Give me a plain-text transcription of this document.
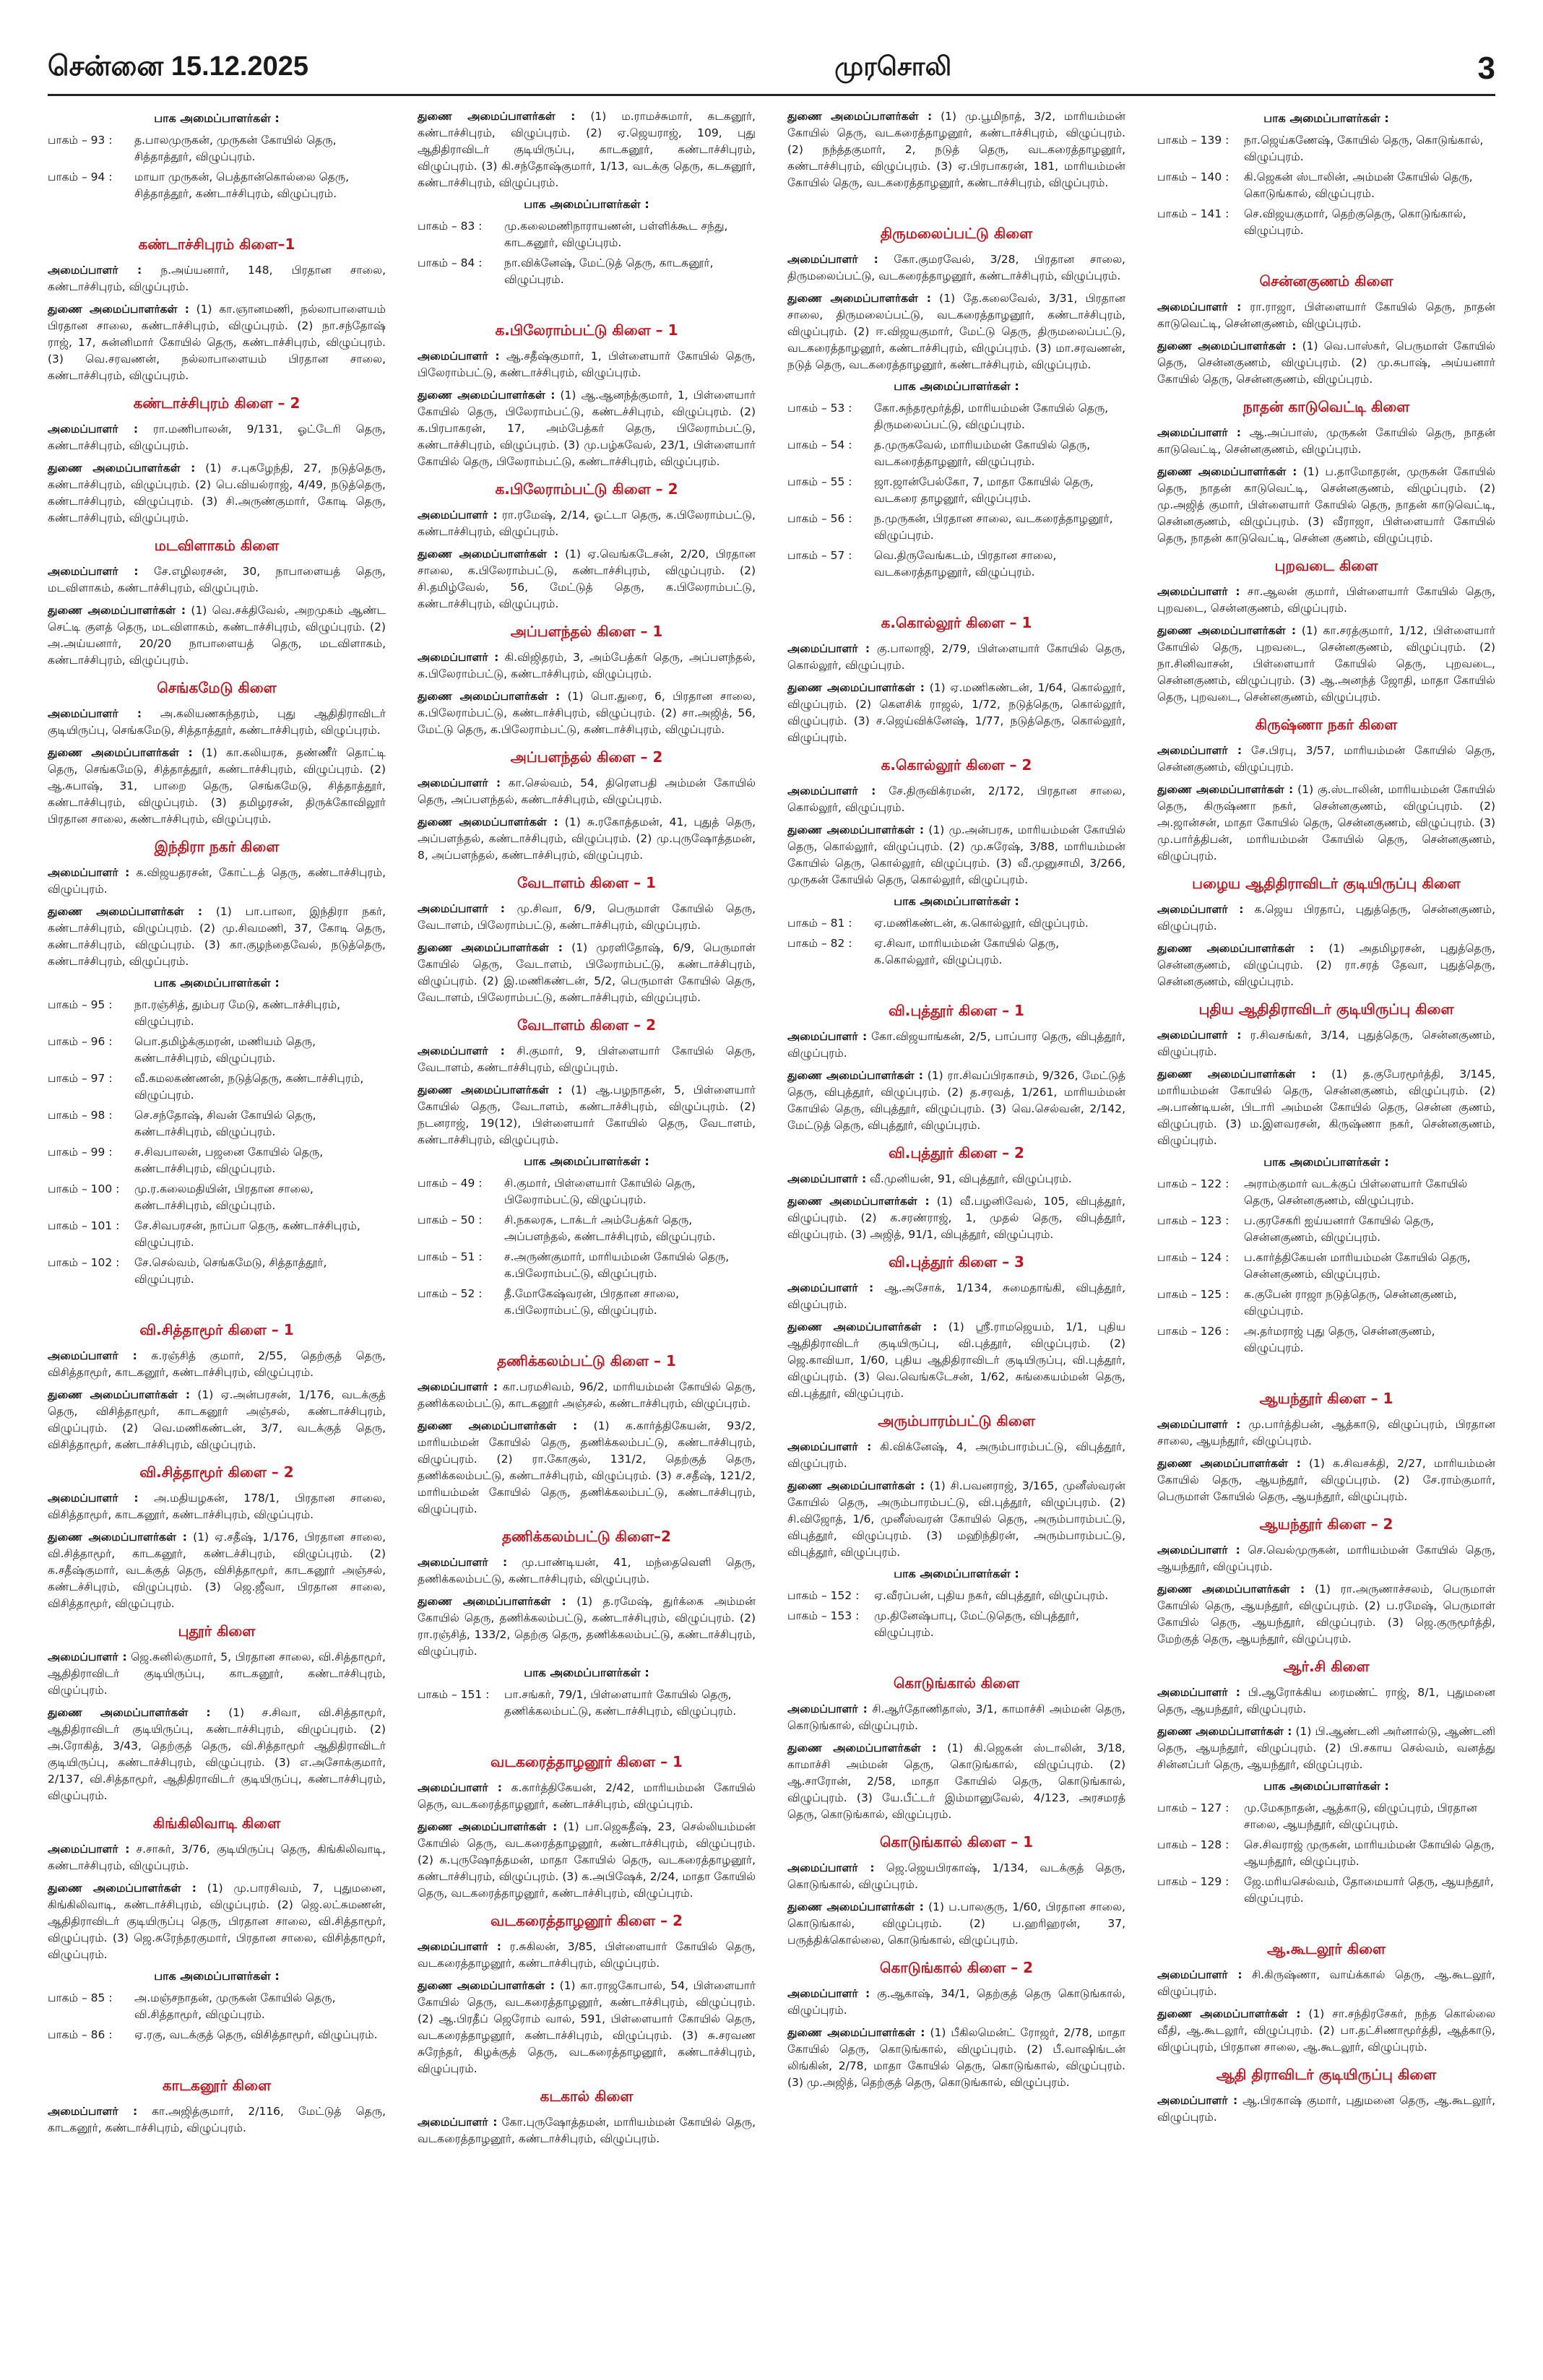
சென்னை 15.12.2025	முரசொலி	3
பாக அமைப்பாளர்கள் :
பாகம் – 93 :	த.பாலமுருகன், முருகன் கோயில் தெரு, சித்தாத்தூர், விழுப்புரம்.
பாகம் – 94 :	மாயா முருகன், பெத்தான்கொல்லை தெரு, சித்தாத்தூர், கண்டாச்சிபுரம், விழுப்புரம்.
கண்டாச்சிபுரம் கிளை–1

அமைப்பாளர் : ந.அய்யனார், 148, பிரதான சாலை, கண்டாச்சிபுரம், விழுப்புரம்.

துணை அமைப்பாளர்கள் : (1) கா.ஞானமணி, நல்லாபாளையம் பிரதான சாலை, கண்டாச்சிபுரம், விழுப்புரம். (2) நா.சந்தோஷ் ராஜ், 17, சுன்னிமார் கோயில் தெரு, கண்டாச்சிபுரம், விழுப்புரம். (3) வெ.சரவணன், நல்லாபாளையம் பிரதான சாலை, கண்டாச்சிபுரம், விழுப்புரம்.

கண்டாச்சிபுரம் கிளை – 2

அமைப்பாளர் : ரா.மணிபாலன், 9/131, ஓட்டேரி தெரு, கண்டாச்சிபுரம், விழுப்புரம்.

துணை அமைப்பாளர்கள் : (1) ச.புகழேந்தி, 27, நடுத்தெரு, கண்டாச்சிபுரம், விழுப்புரம். (2) பெ.வியல்ராஜ், 4/49, நடுத்தெரு, கண்டாச்சிபுரம், விழுப்புரம். (3) சி.அருண்குமார், கோடி தெரு, கண்டாச்சிபுரம், விழுப்புரம்.

மடவிளாகம் கிளை

அமைப்பாளர் : சே.எழிலரசன், 30, நாபாளையத் தெரு, மடவிளாகம், கண்டாச்சிபுரம், விழுப்புரம்.

துணை அமைப்பாளர்கள் : (1) வெ.சக்திவேல், அறமுகம் ஆண்ட செட்டி குளத் தெரு, மடவிளாகம், கண்டாச்சிபுரம், விழுப்புரம். (2) அ.அய்யனார், 20/20 நாபாளையத் தெரு, மடவிளாகம், கண்டாச்சிபுரம், விழுப்புரம்.

செங்கமேடு கிளை

அமைப்பாளர் : அ.கலியணசுந்தரம், புது ஆதிதிராவிடர் குடியிருப்பு, செங்கமேடு, சித்தாத்தூர், கண்டாச்சிபுரம், விழுப்புரம்.

துணை அமைப்பாளர்கள் : (1) கா.கலியரசு, தண்ணீர் தொட்டி தெரு, செங்கமேடு, சித்தாத்தூர், கண்டாச்சிபுரம், விழுப்புரம். (2) ஆ.சுபாஷ், 31, பாறை தெரு, செங்கமேடு, சித்தாத்தூர், கண்டாச்சிபுரம், விழுப்புரம். (3) தமிழரசன், திருக்கோவிலூர் பிரதான சாலை, கண்டாச்சிபுரம், விழுப்புரம்.

இந்திரா நகர் கிளை

அமைப்பாளர் : க.விஜயதரசன், கோட்டத் தெரு, கண்டாச்சிபுரம், விழுப்புரம்.

துணை அமைப்பாளர்கள் : (1) பா.பாலா, இந்திரா நகர், கண்டாச்சிபுரம், விழுப்புரம். (2) மு.சிவமணி, 37, கோடி தெரு, கண்டாச்சிபுரம், விழுப்புரம். (3) கா.குழந்தைவேல், நடுத்தெரு, கண்டாச்சிபுரம், விழுப்புரம்.

பாக அமைப்பாளர்கள் :
பாகம் – 95 :	நா.ரஞ்சித், தும்பர மேடு, கண்டாச்சிபுரம், விழுப்புரம்.
பாகம் – 96 :	பொ.தமிழ்க்குமரன், மணியம் தெரு, கண்டாச்சிபுரம், விழுப்புரம்.
பாகம் – 97 :	வீ.கமலகண்ணன், நடுத்தெரு, கண்டாச்சிபுரம், விழுப்புரம்.
பாகம் – 98 :	செ.சந்தோஷ், சிவன் கோயில் தெரு, கண்டாச்சிபுரம், விழுப்புரம்.
பாகம் – 99 :	ச.சிவபாலன், பஜனை கோயில் தெரு, கண்டாச்சிபுரம், விழுப்புரம்.
பாகம் – 100 :	மு.ர.கலைமதியின், பிரதான சாலை, கண்டாச்சிபுரம், விழுப்புரம்.
பாகம் – 101 :	சே.சிவபரசன், நாப்பா தெரு, கண்டாச்சிபுரம், விழுப்புரம்.
பாகம் – 102 :	சே.செல்வம், செங்கமேடு, சித்தாத்தூர், விழுப்புரம்.
வி.சித்தாமூர் கிளை – 1

அமைப்பாளர் : க.ரஞ்சித் குமார், 2/55, தெற்குத் தெரு, விசித்தாமூர், காடகனூர், கண்டாச்சிபுரம், விழுப்புரம்.

துணை அமைப்பாளர்கள் : (1) ஏ.அன்பரசன், 1/176, வடக்குத் தெரு, விசித்தாமூர், காடகனூர் அஞ்சல், கண்டாச்சிபுரம், விழுப்புரம். (2) வெ.மணிகண்டன், 3/7, வடக்குத் தெரு, விசித்தாமூர், கண்டாச்சிபுரம், விழுப்புரம்.

வி.சித்தாமூர் கிளை – 2

அமைப்பாளர் : அ.மதியழகன், 178/1, பிரதான சாலை, விசித்தாமூர், காடகனூர், கண்டாச்சிபுரம், விழுப்புரம்.

துணை அமைப்பாளர்கள் : (1) ஏ.சதீஷ், 1/176, பிரதான சாலை, வி.சித்தாமூர், காடகனூர், கண்டச்சிபுரம், விழுப்புரம். (2) க.சதீஷ்குமார், வடக்குத் தெரு, விசித்தாமூர், காடகனூர் அஞ்சல், கண்டச்சிபுரம், விழுப்புரம். (3) ஜெ.ஜீவா, பிரதான சாலை, விசித்தாமூர், விழுப்புரம்.

புதூர் கிளை

அமைப்பாளர் : ஜெ.சுனில்குமார், 5, பிரதான சாலை, வி.சித்தாமூர், ஆதிதிராவிடர் குடியிருப்பு, காடகனூர், கண்டாச்சிபுரம், விழுப்புரம்.

துணை அமைப்பாளர்கள் : (1) ச.சிவா, வி.சித்தாமூர், ஆதிதிராவிடர் குடியிருப்பு, கண்டாச்சிபுரம், விழுப்புரம். (2) அ.ரோகித், 3/43, தெற்குத் தெரு, வி.சித்தாமூர் ஆதிதிராவிடர் குடியிருப்பு, கண்டாச்சிபுரம், விழுப்புரம். (3) எ.அசோக்குமார், 2/137, வி.சித்தாமூர், ஆதிதிராவிடர் குடியிருப்பு, கண்டாச்சிபுரம், விழுப்புரம்.

கிங்கிலிவாடி கிளை

அமைப்பாளர் : ச.சாசுர், 3/76, குடியிருப்பு தெரு, கிங்கிலிவாடி, கண்டாச்சிபுரம், விழுப்புரம்.

துணை அமைப்பாளர்கள் : (1) மு.பாரசிவம், 7, புதுமனை, கிங்கிலிவாடி, கண்டாச்சிபுரம், விழுப்புரம். (2) ஜெ.லட்சுமணன், ஆதிதிராவிடர் குடியிருப்பு தெரு, பிரதான சாலை, வி.சித்தாமூர், விழுப்புரம். (3) ஜெ.சுரேந்தரகுமார், பிரதான சாலை, விசித்தாமூர், விழுப்புரம்.

பாக அமைப்பாளர்கள் :
பாகம் – 85 :	அ.மஞ்சநாதன், முருகன் கோயில் தெரு, வி.சித்தாமூர், விழுப்புரம்.
பாகம் – 86 :	ஏ.ரகு, வடக்குத் தெரு, விசித்தாமூர், விழுப்புரம்.
காடகனூர் கிளை

அமைப்பாளர் : கா.அஜித்குமார், 2/116, மேட்டுத் தெரு, காடகனூர், கண்டாச்சிபுரம், விழுப்புரம்.

துணை அமைப்பாளர்கள் : (1) ம.ராமச்சுமார், கடகனூர், கண்டாச்சிபுரம், விழுப்புரம். (2) ஏ.ஜெயராஜ், 109, புது ஆதிதிராவிடர் குடியிருப்பு, காடகனூர், கண்டாச்சிபுரம், விழுப்புரம். (3) கி.சந்தோஷ்குமார், 1/13, வடக்கு தெரு, கடகனூர், கண்டாச்சிபுரம், விழுப்புரம்.

பாக அமைப்பாளர்கள் :
பாகம் – 83 :	மு.கலைமணிநாராயணன், பள்ளிக்கூட சந்து, காடகனூர், விழுப்புரம்.
பாகம் – 84 :	நா.விக்னேஷ், மேட்டுத் தெரு, காடகனூர், விழுப்புரம்.
க.பிலேராம்பட்டு கிளை – 1

அமைப்பாளர் : ஆ.சதீஷ்குமார், 1, பிள்ளையார் கோயில் தெரு, பிலேராம்பட்டு, கண்டாச்சிபுரம், விழுப்புரம்.

துணை அமைப்பாளர்கள் : (1) ஆ.ஆனந்த்குமார், 1, பிள்ளையார் கோயில் தெரு, பிலேராம்பட்டு, கண்டச்சிபுரம், விழுப்புரம். (2) க.பிரபாகரன், 17, அம்பேத்கர் தெரு, பிலேராம்பட்டு, கண்டாச்சிபுரம், விழுப்புரம். (3) மு.பழ்கவேல், 23/1, பிள்ளையார் கோயில் தெரு, பிலேராம்பட்டு, கண்டாச்சிபுரம், விழுப்புரம்.

க.பிலேராம்பட்டு கிளை – 2

அமைப்பாளர் : ரா.ரமேஷ், 2/14, ஓட்டா தெரு, க.பிலேராம்பட்டு, கண்டாச்சிபுரம், விழுப்புரம்.

துணை அமைப்பாளர்கள் : (1) ஏ.வெங்கடேசன், 2/20, பிரதான சாலை, க.பிலேராம்பட்டு, கண்டாச்சிபுரம், விழுப்புரம். (2) சி.தமிழ்வேல், 56, மேட்டுத் தெரு, க.பிலேராம்பட்டு, கண்டாச்சிபுரம், விழுப்புரம்.

அப்பளந்தல் கிளை – 1

அமைப்பாளர் : கி.விஜிதரம், 3, அம்பேத்கர் தெரு, அப்பளந்தல், க.பிலேராம்பட்டு, கண்டாச்சிபுரம், விழுப்புரம்.

துணை அமைப்பாளர்கள் : (1) பொ.துரை, 6, பிரதான சாலை, க.பிலேராம்பட்டு, கண்டாச்சிபுரம், விழுப்புரம். (2) சா.அஜித், 56, மேட்டு தெரு, க.பிலேராம்பட்டு, கண்டாச்சிபுரம், விழுப்புரம்.

அப்பளந்தல் கிளை – 2

அமைப்பாளர் : கா.செல்வம், 54, திரௌபதி அம்மன் கோயில் தெரு, அப்பளந்தல், கண்டாச்சிபுரம், விழுப்புரம்.

துணை அமைப்பாளர்கள் : (1) சு.ரகோத்தமன், 41, புதுத் தெரு, அப்பளந்தல், கண்டாச்சிபுரம், விழுப்புரம். (2) மு.புருஷோத்தமன், 8, அப்பளந்தல், கண்டாச்சிபுரம், விழுப்புரம்.

வேடாளம் கிளை – 1

அமைப்பாளர் : மு.சிவா, 6/9, பெருமாள் கோயில் தெரு, வேடாளம், பிலேராம்பட்டு, கண்டாச்சிபுரம், விழுப்புரம்.

துணை அமைப்பாளர்கள் : (1) முரளிதோஷ், 6/9, பெருமாள் கோயில் தெரு, வேடாளம், பிலேராம்பட்டு, கண்டாச்சிபுரம், விழுப்புரம். (2) இ.மணிகண்டன், 5/2, பெருமாள் கோயில் தெரு, வேடாளம், பிலேராம்பட்டு, கண்டாச்சிபுரம், விழுப்புரம்.

வேடாளம் கிளை – 2

அமைப்பாளர் : சி.குமார், 9, பிள்ளையார் கோயில் தெரு, வேடாளம், கண்டாச்சிபுரம், விழுப்புரம்.

துணை அமைப்பாளர்கள் : (1) ஆ.பழநாதன், 5, பிள்ளையார் கோயில் தெரு, வேடாளம், கண்டாச்சிபுரம், விழுப்புரம். (2) நடனராஜ், 19(12), பிள்ளையார் கோயில் தெரு, வேடாளம், கண்டாச்சிபுரம், விழுப்புரம்.

பாக அமைப்பாளர்கள் :
பாகம் – 49 :	சி.குமார், பிள்ளையார் கோயில் தெரு, பிலேராம்பட்டு, விழுப்புரம்.
பாகம் – 50 :	சி.நகலரசு, டாக்டர் அம்பேத்கர் தெரு, அப்பளந்தல், கண்டாச்சிபுரம், விழுப்புரம்.
பாகம் – 51 :	ச.அருண்குமார், மாரியம்மன் கோயில் தெரு, க.பிலேராம்பட்டு, விழுப்புரம்.
பாகம் – 52 :	தீ.மோகேஷ்வரன், பிரதான சாலை, க.பிலேராம்பட்டு, விழுப்புரம்.
தணிக்கலம்பட்டு கிளை – 1

அமைப்பாளர் : கா.பரமசிவம், 96/2, மாரியம்மன் கோயில் தெரு, தணிக்கலம்பட்டு, காடகனூர் அஞ்சல், கண்டாச்சிபுரம், விழுப்புரம்.

துணை அமைப்பாளர்கள் : (1) க.கார்த்திகேயன், 93/2, மாரியம்மன் கோயில் தெரு, தணிக்கலம்பட்டு, கண்டாச்சிபுரம், விழுப்புரம். (2) ரா.கோகுல், 131/2, தெற்குத் தெரு, தணிக்கலம்பட்டு, கண்டாச்சிபுரம், விழுப்புரம். (3) ச.சதீஷ், 121/2, மாரியம்மன் கோயில் தெரு, தணிக்கலம்பட்டு, கண்டாச்சிபுரம், விழுப்புரம்.

தணிக்கலம்பட்டு கிளை–2

அமைப்பாளர் : மு.பாண்டியன், 41, மந்தைவெளி தெரு, தணிக்கலம்பட்டு, கண்டாச்சிபுரம், விழுப்புரம்.

துணை அமைப்பாளர்கள் : (1) த.ரமேஷ், துர்க்கை அம்மன் கோயில் தெரு, தணிக்கலம்பட்டு, கண்டாச்சிபுரம், விழுப்புரம். (2) ரா.ரஞ்சித், 133/2, தெற்கு தெரு, தணிக்கலம்பட்டு, கண்டாச்சிபுரம், விழுப்புரம்.

பாக அமைப்பாளர்கள் :
பாகம் – 151 :	பா.சங்கர், 79/1, பிள்ளையார் கோயில் தெரு, தணிக்கலம்பட்டு, கண்டாச்சிபுரம், விழுப்புரம்.
வடகரைத்தாழனூர் கிளை – 1

அமைப்பாளர் : க.கார்த்திகேயன், 2/42, மாரியம்மன் கோயில் தெரு, வடகரைத்தாழனூர், கண்டாச்சிபுரம், விழுப்புரம்.

துணை அமைப்பாளர்கள் : (1) பா.ஜெகதீஷ், 23, செல்லியம்மன் கோயில் தெரு, வடகரைத்தாழனூர், கண்டாச்சிபுரம், விழுப்புரம். (2) க.புருஷோத்தமன், மாதா கோயில் தெரு, வடகரைத்தாழனூர், கண்டாச்சிபுரம், விழுப்புரம். (3) க.அபிஷேக், 2/24, மாதா கோயில் தெரு, வடகரைத்தாழனூர், கண்டாச்சிபுரம், விழுப்புரம்.

வடகரைத்தாழனூர் கிளை – 2

அமைப்பாளர் : ர.சுகிலன், 3/85, பிள்ளையார் கோயில் தெரு, வடகரைத்தாழனூர், கண்டாச்சிபுரம், விழுப்புரம்.

துணை அமைப்பாளர்கள் : (1) கா.ராஜகோபால், 54, பிள்ளையார் கோயில் தெரு, வடகரைத்தாழனூர், கண்டாச்சிபுரம், விழுப்புரம். (2) ஆ.பிரதீப் ஜெரோம் வால், 591, பிள்ளையார் கோயில் தெரு, வடகரைத்தாழனூர், கண்டாச்சிபுரம், விழுப்புரம். (3) சு.சரவண சுரேந்தர், கிழக்குத் தெரு, வடகரைத்தாழனூர், கண்டாச்சிபுரம், விழுப்புரம்.

கடகால் கிளை

அமைப்பாளர் : கோ.புருஷோத்தமன், மாரியம்மன் கோயில் தெரு, வடகரைத்தாழனூர், கண்டாச்சிபுரம், விழுப்புரம்.

துணை அமைப்பாளர்கள் : (1) மு.பூமிநாத், 3/2, மாரியம்மன் கோயில் தெரு, வடகரைத்தாழனூர், கண்டாச்சிபுரம், விழுப்புரம். (2) நந்த்தகுமார், 2, நடுத் தெரு, வடகரைத்தாழனூர், கண்டாச்சிபுரம், விழுப்புரம். (3) ஏ.பிரபாகரன், 181, மாரியம்மன் கோயில் தெரு, வடகரைத்தாழனூர், கண்டாச்சிபுரம், விழுப்புரம்.

திருமலைப்பட்டு கிளை

அமைப்பாளர் : கோ.குமரவேல், 3/28, பிரதான சாலை, திருமலைப்பட்டு, வடகரைத்தாழனூர், கண்டாச்சிபுரம், விழுப்புரம்.

துணை அமைப்பாளர்கள் : (1) தே.கலைவேல், 3/31, பிரதான சாலை, திருமலைப்பட்டு, வடகரைத்தாழனூர், கண்டாச்சிபுரம், விழுப்புரம். (2) ஈ.விஜயகுமார், மேட்டு தெரு, திருமலைப்பட்டு, வடகரைத்தாழனூர், கண்டாச்சிபுரம், விழுப்புரம். (3) மா.சரவணன், நடுத் தெரு, வடகரைத்தாழனூர், கண்டாச்சிபுரம், விழுப்புரம்.

பாக அமைப்பாளர்கள் :
பாகம் – 53 :	கோ.சுந்தரமூர்த்தி, மாரியம்மன் கோயில் தெரு, திருமலைப்பட்டு, விழுப்புரம்.
பாகம் – 54 :	த.முருகவேல், மாரியம்மன் கோயில் தெரு, வடகரைத்தாழனூர், விழுப்புரம்.
பாகம் – 55 :	ஜா.ஜான்பேல்கோ, 7, மாதா கோயில் தெரு, வடகரை தாழனூர், விழுப்புரம்.
பாகம் – 56 :	ந.முருகன், பிரதான சாலை, வடகரைத்தாழனூர், விழுப்புரம்.
பாகம் – 57 :	வெ.திருவேங்கடம், பிரதான சாலை, வடகரைத்தாழனூர், விழுப்புரம்.
க.கொல்லூர் கிளை – 1

அமைப்பாளர் : கு.பாலாஜி, 2/79, பிள்ளையார் கோயில் தெரு, கொல்லூர், விழுப்புரம்.

துணை அமைப்பாளர்கள் : (1) ஏ.மணிகண்டன், 1/64, கொல்லூர், விழுப்புரம். (2) கௌசிக் ராஜல், 1/72, நடுத்தெரு, கொல்லூர், விழுப்புரம். (3) ச.ஜெய்விக்னேஷ், 1/77, நடுத்தெரு, கொல்லூர், விழுப்புரம்.

க.கொல்லூர் கிளை – 2

அமைப்பாளர் : சே.திருவிக்ரமன், 2/172, பிரதான சாலை, கொல்லூர், விழுப்புரம்.

துணை அமைப்பாளர்கள் : (1) மு.அன்பரசு, மாரியம்மன் கோயில் தெரு, கொல்லூர், விழுப்புரம். (2) மு.சுரேஷ், 3/88, மாரியம்மன் கோயில் தெரு, கொல்லூர், விழுப்புரம். (3) வீ.முனுசாமி, 3/266, முருகன் கோயில் தெரு, கொல்லூர், விழுப்புரம்.

பாக அமைப்பாளர்கள் :
பாகம் – 81 :	ஏ.மணிகண்டன், க.கொல்லூர், விழுப்புரம்.
பாகம் – 82 :	ஏ.சிவா, மாரியம்மன் கோயில் தெரு, க.கொல்லூர், விழுப்புரம்.
வி.புத்தூர் கிளை – 1

அமைப்பாளர் : கோ.விஜயாங்கன், 2/5, பாப்பார தெரு, விபுத்தூர், விழுப்புரம்.

துணை அமைப்பாளர்கள் : (1) ரா.சிவப்பிரகாசம், 9/326, மேட்டுத் தெரு, விபுத்தூர், விழுப்புரம். (2) த.சரவத், 1/261, மாரியம்மன் கோயில் தெரு, விபுத்தூர், விழுப்புரம். (3) வெ.செல்வன், 2/142, மேட்டுத் தெரு, விபுத்தூர், விழுப்புரம்.

வி.புத்தூர் கிளை – 2

அமைப்பாளர் : வீ.முனியன், 91, விபுத்தூர், விழுப்புரம்.

துணை அமைப்பாளர்கள் : (1) வீ.பழனிவேல், 105, விபுத்தூர், விழுப்புரம். (2) க.சரண்ராஜ், 1, முதல் தெரு, விபுத்தூர், விழுப்புரம். (3) அஜித், 91/1, விபுத்தூர், விழுப்புரம்.

வி.புத்தூர் கிளை – 3

அமைப்பாளர் : ஆ.அசோக், 1/134, சுமைதாங்கி, விபுத்தூர், விழுப்புரம்.

துணை அமைப்பாளர்கள் : (1) ஸ்ரீ.ராமஜெயம், 1/1, புதிய ஆதிதிராவிடர் குடியிருப்பு, வி.புத்தூர், விழுப்புரம். (2) ஜெ.காவியா, 1/60, புதிய ஆதிதிராவிடர் குடியிருப்பு, வி.புத்தூர், விழுப்புரம். (3) வெ.வெங்கடேசன், 1/62, சுங்கையம்மன் தெரு, வி.புத்தூர், விழுப்புரம்.

அரும்பாரம்பட்டு கிளை

அமைப்பாளர் : கி.விக்னேஷ், 4, அரும்பாரம்பட்டு, விபுத்தூர், விழுப்புரம்.

துணை அமைப்பாளர்கள் : (1) சி.பவனராஜ், 3/165, முனீஸ்வரன் கோயில் தெரு, அரும்பாரம்பட்டு, வி.புத்தூர், விழுப்புரம். (2) சி.விஜோத், 1/6, முனீஸ்வரன் கோயில் தெரு, அரும்பாரம்பட்டு, விபுத்தூர், விழுப்புரம். (3) மஹிந்திரன், அரும்பாரம்பட்டு, விபுத்தூர், விழுப்புரம்.

பாக அமைப்பாளர்கள் :
பாகம் – 152 :	ஏ.வீரப்பன், புதிய நகர், விபுத்தூர், விழுப்புரம்.
பாகம் – 153 :	மு.தினேஷ்பாபு, மேட்டுதெரு, விபுத்தூர், விழுப்புரம்.
கொடுங்கால் கிளை

அமைப்பாளர் : சி.ஆர்தோணிதாஸ், 3/1, காமாச்சி அம்மன் தெரு, கொடுங்கால், விழுப்புரம்.

துணை அமைப்பாளர்கள் : (1) கி.ஜெகன் ஸ்டாலின், 3/18, காமாச்சி அம்மன் தெரு, கொடுங்கால், விழுப்புரம். (2) ஆ.சாரோன், 2/58, மாதா கோயில் தெரு, கொடுங்கால், விழுப்புரம். (3) யே.பீட்டர் இம்மானுவேல், 4/123, அரசமரத் தெரு, கொடுங்கால், விழுப்புரம்.

கொடுங்கால் கிளை – 1

அமைப்பாளர் : ஜெ.ஜெயபிரகாஷ், 1/134, வடக்குத் தெரு, கொடுங்கால், விழுப்புரம்.

துணை அமைப்பாளர்கள் : (1) ப.பாலகுரு, 1/60, பிரதான சாலை, கொடுங்கால், விழுப்புரம். (2) ப.ஹரிஹரன், 37, பருத்திக்கொல்லை, கொடுங்கால், விழுப்புரம்.

கொடுங்கால் கிளை – 2

அமைப்பாளர் : கு.ஆகாஷ், 34/1, தெற்குத் தெரு கொடுங்கால், விழுப்புரம்.

துணை அமைப்பாளர்கள் : (1) பீகிலமென்ட் ரோஜர், 2/78, மாதா கோயில் தெரு, கொடுங்கால், விழுப்புரம். (2) பீ.வாஷிங்டன் லிங்கின், 2/78, மாதா கோயில் தெரு, கொடுங்கால், விழுப்புரம். (3) மு.அஜித், தெற்குத் தெரு, கொடுங்கால், விழுப்புரம்.

பாக அமைப்பாளர்கள் :
பாகம் – 139 :	நா.ஜெய்கணேஷ், கோயில் தெரு, கொடுங்கால், விழுப்புரம்.
பாகம் – 140 :	கி.ஜெகன் ஸ்டாலின், அம்மன் கோயில் தெரு, கொடுங்கால், விழுப்புரம்.
பாகம் – 141 :	செ.விஜயகுமார், தெற்குதெரு, கொடுங்கால், விழுப்புரம்.
சென்னகுணம் கிளை

அமைப்பாளர் : ரா.ராஜா, பிள்ளையார் கோயில் தெரு, நாதன் காடுவெட்டி, சென்னகுணம், விழுப்புரம்.

துணை அமைப்பாளர்கள் : (1) வெ.பாஸ்கர், பெருமாள் கோயில் தெரு, சென்னகுணம், விழுப்புரம். (2) மு.சுபாஷ், அய்யனார் கோயில் தெரு, சென்னகுணம், விழுப்புரம்.

நாதன் காடுவெட்டி கிளை

அமைப்பாளர் : ஆ.அப்பாஸ், முருகன் கோயில் தெரு, நாதன் காடுவெட்டி, சென்னகுணம், விழுப்புரம்.

துணை அமைப்பாளர்கள் : (1) ப.தாமோதரன், முருகன் கோயில் தெரு, நாதன் காடுவெட்டி, சென்னகுணம், விழுப்புரம். (2) மு.அஜித் குமார், பிள்ளையார் கோயில் தெரு, நாதன் காடுவெட்டி, சென்னகுணம், விழுப்புரம். (3) வீராஜா, பிள்ளையார் கோயில் தெரு, நாதன் காடுவெட்டி, சென்ன குணம், விழுப்புரம்.

புறவடை கிளை

அமைப்பாளர் : சா.ஆலன் குமார், பிள்ளையார் கோயில் தெரு, புறவடை, சென்னகுணம், விழுப்புரம்.

துணை அமைப்பாளர்கள் : (1) கா.சரத்குமார், 1/12, பிள்ளையார் கோயில் தெரு, புறவடை, சென்னகுணம், விழுப்புரம். (2) நா.சினிவாசன், பிள்ளையார் கோயில் தெரு, புறவடை, சென்னகுணம், விழுப்புரம். (3) ஆ.அனந்த் ஜோதி, மாதா கோயில் தெரு, புறவடை, சென்னகுணம், விழுப்புரம்.

கிருஷ்ணா நகர் கிளை

அமைப்பாளர் : சே.பிரபு, 3/57, மாரியம்மன் கோயில் தெரு, சென்னகுணம், விழுப்புரம்.

துணை அமைப்பாளர்கள் : (1) கு.ஸ்டாலின், மாரியம்மன் கோயில் தெரு, கிருஷ்ணா நகர், சென்னகுணம், விழுப்புரம். (2) அ.ஜான்சன், மாதா கோயில் தெரு, சென்னகுணம், விழுப்புரம். (3) மு.பார்த்திபன், மாரியம்மன் கோயில் தெரு, சென்னகுணம், விழுப்புரம்.

பழைய ஆதிதிராவிடர் குடியிருப்பு கிளை

அமைப்பாளர் : க.ஜெய பிரதாப், புதுத்தெரு, சென்னகுணம், விழுப்புரம்.

துணை அமைப்பாளர்கள் : (1) அதமிழரசன், புதுத்தெரு, சென்னகுணம், விழுப்புரம். (2) ரா.சரத் தேவா, புதுத்தெரு, சென்னகுணம், விழுப்புரம்.

புதிய ஆதிதிராவிடர் குடியிருப்பு கிளை

அமைப்பாளர் : ர.சிவசங்கர், 3/14, புதுத்தெரு, சென்னகுணம், விழுப்புரம்.

துணை அமைப்பாளர்கள் : (1) த.குபேரமூர்த்தி, 3/145, மாரியம்மன் கோயில் தெரு, சென்னகுணம், விழுப்புரம். (2) அ.பாண்டியன், பிடாரி அம்மன் கோயில் தெரு, சென்ன குணம், விழுப்புரம். (3) ம.இளவரசன், கிருஷ்ணா நகர், சென்னகுணம், விழுப்புரம்.

பாக அமைப்பாளர்கள் :
பாகம் – 122 :	அராம்குமார் வடக்குப் பிள்ளையார் கோயில் தெரு, சென்னகுணம், விழுப்புரம்.
பாகம் – 123 :	ப.குரசேகரி ஐய்யனார் கோயில் தெரு, சென்னகுணம், விழுப்புரம்.
பாகம் – 124 :	ப.கார்த்திகேயன் மாரியம்மன் கோயில் தெரு, சென்னகுணம், விழுப்புரம்.
பாகம் – 125 :	க.குபேன் ராஜா நடுத்தெரு, சென்னகுணம், விழுப்புரம்.
பாகம் – 126 :	அ.தர்மராஜ் புது தெரு, சென்னகுணம், விழுப்புரம்.
ஆயந்தூர் கிளை – 1

அமைப்பாளர் : மு.பார்த்திபன், ஆத்காடு, விழுப்புரம், பிரதான சாலை, ஆயந்தூர், விழுப்புரம்.

துணை அமைப்பாளர்கள் : (1) க.சிவசக்தி, 2/27, மாரியம்மன் கோயில் தெரு, ஆயந்தூர், விழுப்புரம். (2) சே.ராம்குமார், பெருமாள் கோயில் தெரு, ஆயந்தூர், விழுப்புரம்.

ஆயந்தூர் கிளை – 2

அமைப்பாளர் : செ.வெல்முருகன், மாரியம்மன் கோயில் தெரு, ஆயந்தூர், விழுப்புரம்.

துணை அமைப்பாளர்கள் : (1) ரா.அருணாச்சலம், பெருமாள் கோயில் தெரு, ஆயந்தூர், விழுப்புரம். (2) ப.ரமேஷ், பெருமாள் கோயில் தெரு, ஆயந்தூர், விழுப்புரம். (3) ஜெ.குருமூர்த்தி, மேற்குத் தெரு, ஆயந்தூர், விழுப்புரம்.

ஆர்.சி கிளை

அமைப்பாளர் : பி.ஆரோக்கிய ரைமண்ட் ராஜ், 8/1, புதுமனை தெரு, ஆயந்தூர், விழுப்புரம்.

துணை அமைப்பாளர்கள் : (1) பி.ஆண்டனி அர்னால்டு, ஆண்டனி தெரு, ஆயந்தூர், விழுப்புரம். (2) பி.சகாய செல்வம், வனத்து சின்னப்பர் தெரு, ஆயந்தூர், விழுப்புரம்.

பாக அமைப்பாளர்கள் :
பாகம் – 127 :	மு.மேகநாதன், ஆத்காடு, விழுப்புரம், பிரதான சாலை, ஆயந்தூர், விழுப்புரம்.
பாகம் – 128 :	செ.சிவராஜ் முருகன், மாரியம்மன் கோயில் தெரு, ஆயந்தூர், விழுப்புரம்.
பாகம் – 129 :	ஜே.மரியசெல்வம், தோமையார் தெரு, ஆயந்தூர், விழுப்புரம்.
ஆ.கூடலூர் கிளை

அமைப்பாளர் : சி.கிருஷ்ணா, வாய்க்கால் தெரு, ஆ.கூடலூர், விழுப்புரம்.

துணை அமைப்பாளர்கள் : (1) சா.சந்திரசேகர், நந்த கொல்லை வீதி, ஆ.கூடலூர், விழுப்புரம். (2) பா.தட்சிணாமூர்த்தி, ஆத்காடு, விழுப்புரம், பிரதான சாலை, ஆ.கூடலூர், விழுப்புரம்.

ஆதி திராவிடர் குடியிருப்பு கிளை

அமைப்பாளர் : ஆ.பிரகாஷ் குமார், புதுமனை தெரு, ஆ.கூடலூர், விழுப்புரம்.
